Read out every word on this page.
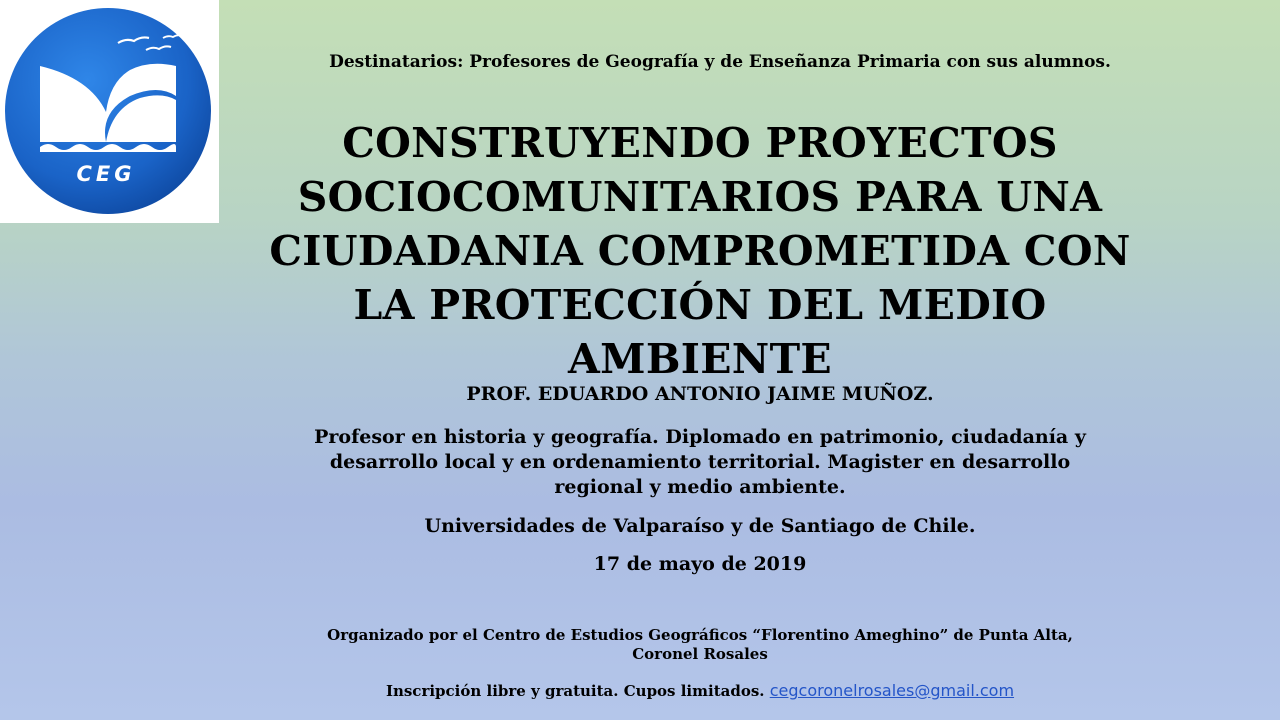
CEG
Destinatarios: Profesores de Geografía y de Enseñanza Primaria con sus alumnos.
CONSTRUYENDO PROYECTOS
SOCIOCOMUNITARIOS PARA UNA
CIUDADANIA COMPROMETIDA CON
LA PROTECCIÓN DEL MEDIO
AMBIENTE
PROF. EDUARDO ANTONIO JAIME MUÑOZ.
Profesor en historia y geografía. Diplomado en patrimonio, ciudadanía y
desarrollo local y en ordenamiento territorial. Magister en desarrollo
regional y medio ambiente.
Universidades de Valparaíso y de Santiago de Chile.
17 de mayo de 2019
Organizado por el Centro de Estudios Geográficos “Florentino Ameghino” de Punta Alta,
Coronel Rosales
Inscripción libre y gratuita. Cupos limitados. cegcoronelrosales@gmail.com
